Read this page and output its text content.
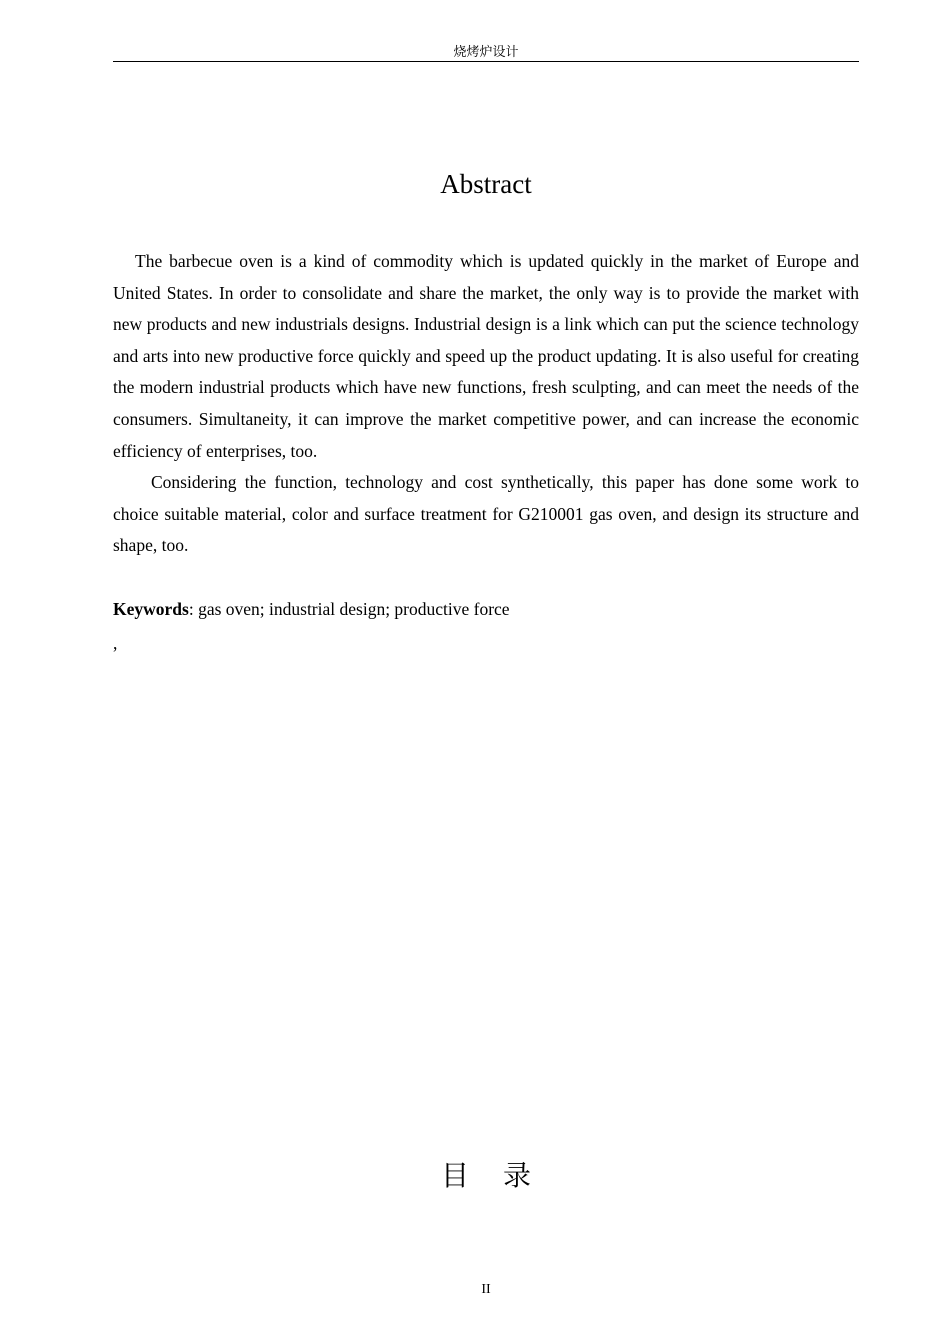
烧烤炉设计
Abstract

The barbecue oven is a kind of commodity which is updated quickly in the market of Europe and United States. In order to consolidate and share the market, the only way is to provide the market with new products and new industrials designs. Industrial design is a link which can put the science technology and arts into new productive force quickly and speed up the product updating. It is also useful for creating the modern industrial products which have new functions, fresh sculpting, and can meet the needs of the consumers. Simultaneity, it can improve the market competitive power, and can increase the economic efficiency of enterprises, too.

Considering the function, technology and cost synthetically, this paper has done some work to choice suitable material, color and surface treatment for G210001 gas oven, and design its structure and shape, too.

Keywords: gas oven; industrial design; productive force
,
目录
II
